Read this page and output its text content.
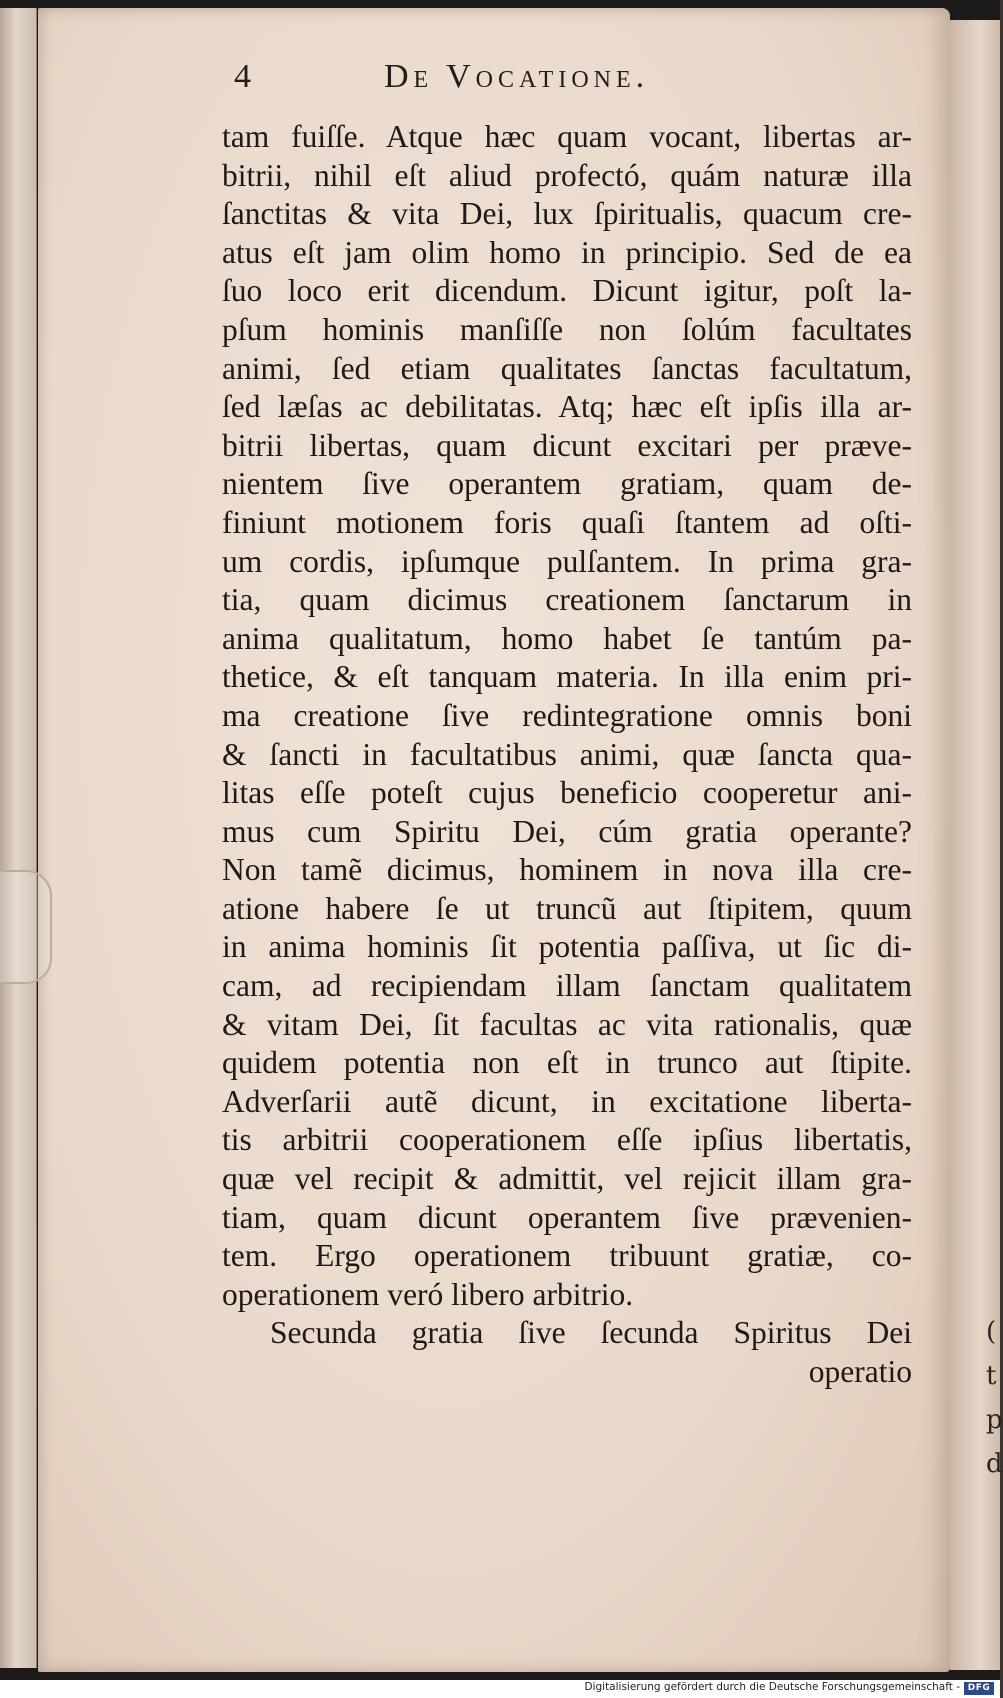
4	De Vocatione.
tam fuiſſe. Atque hæc quam vocant, libertas ar-
bitrii, nihil eſt aliud profectó, quám naturæ illa
ſanctitas & vita Dei, lux ſpiritualis, quacum cre-
atus eſt jam olim homo in principio. Sed de ea
ſuo loco erit dicendum. Dicunt igitur, poſt la-
pſum hominis manſiſſe non ſolúm facultates
animi, ſed etiam qualitates ſanctas facultatum,
ſed læſas ac debilitatas. Atq; hæc eſt ipſis illa ar-
bitrii libertas, quam dicunt excitari per præve-
nientem ſive operantem gratiam, quam de-
finiunt motionem foris quaſi ſtantem ad oſti-
um cordis, ipſumque pulſantem. In prima gra-
tia, quam dicimus creationem ſanctarum in
anima qualitatum, homo habet ſe tantúm pa-
thetice, & eſt tanquam materia. In illa enim pri-
ma creatione ſive redintegratione omnis boni
& ſancti in facultatibus animi, quæ ſancta qua-
litas eſſe poteſt cujus beneficio cooperetur ani-
mus cum Spiritu Dei, cúm gratia operante?
Non tamẽ dicimus, hominem in nova illa cre-
atione habere ſe ut truncũ aut ſtipitem, quum
in anima hominis ſit potentia paſſiva, ut ſic di-
cam, ad recipiendam illam ſanctam qualitatem
& vitam Dei, ſit facultas ac vita rationalis, quæ
quidem potentia non eſt in trunco aut ſtipite.
Adverſarii autẽ dicunt, in excitatione liberta-
tis arbitrii cooperationem eſſe ipſius libertatis,
quæ vel recipit & admittit, vel rejicit illam gra-
tiam, quam dicunt operantem ſive prævenien-
tem. Ergo operationem tribuunt gratiæ, co-
operationem veró libero arbitrio.
Secunda gratia ſive ſecunda Spiritus Dei
operatio
(
t
p
d
Digitalisierung gefördert durch die Deutsche Forschungsgemeinschaft - DFG
